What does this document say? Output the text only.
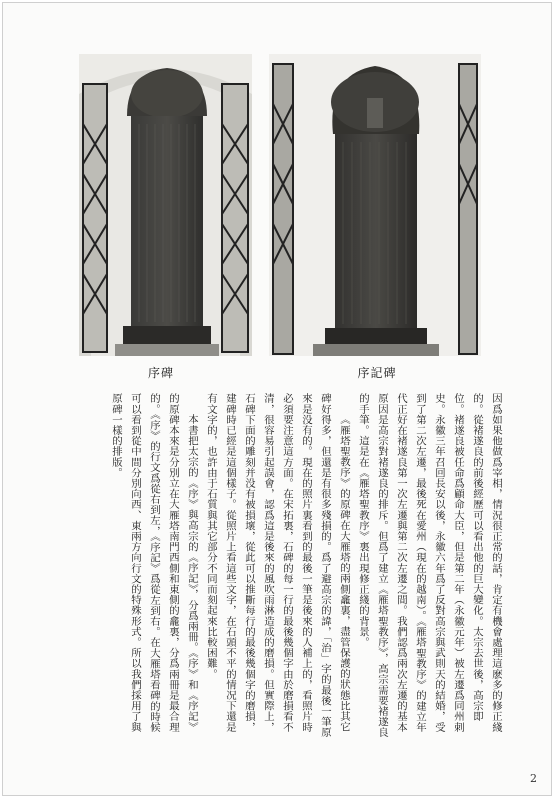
序碑	序記碑

因爲如果他做爲宰相，情況很正常的話，肯定有機會處理這麽多的修正綫的。從褚遂良的前後經歷可以看出他的巨大變化。太宗去世後，高宗即位。褚遂良被任命爲顧命大臣，但是第二年（永徽元年）被左遷爲同州刺史。永徽三年召回長安以後，永徽六年爲了反對高宗與武則天的結婚，受到了第二次左遷，最後死在愛州（現在的越南）。《雁塔聖教序》的建立年代正好在褚遂良第一次左遷與第二次左遷之間。我們認爲兩次左遷的基本原因是高宗對褚遂良的排斥。但爲了建立《雁塔聖教序》，高宗需要褚遂良的手筆。這是在《雁塔聖教序》裏出現修正綫的背景。

《雁塔聖教序》的原碑在大雁塔的兩側龕裏，盡管保護的狀態比其它碑好得多，但還是有很多殘損的。爲了避高宗的諱，「治」字的最後一筆原來是没有的。現在的照片裏看到的最後一筆是後來的人補上的，看照片時必須要注意這方面。在宋拓裏，石碑的每一行的最後幾個字由於磨損看不清，很容易引起誤會，認爲這是後來的風吹雨淋造成的磨損。但實際上，石碑下面的雕刻并没有被損壞，從此可以推斷每行的最後幾個字的磨損，建碑時已經是這個樣子。從照片上看這些文字，在石頭不平的情况下還是有文字的，也許由于石質與其它部分不同而刻起來比較困難。

本書把太宗的《序》與高宗的《序記》，分爲兩冊。《序》和《序記》的原碑本來是分別立在大雁塔南門西側和東側的龕裏，分爲兩冊是最合理的。《序》的行文爲從右到左，《序記》爲從左到右。在大雁塔看碑的時候可以看到從中間分別向西、東兩方向行文的特殊形式。所以我們採用了與原碑一樣的排版。

2
